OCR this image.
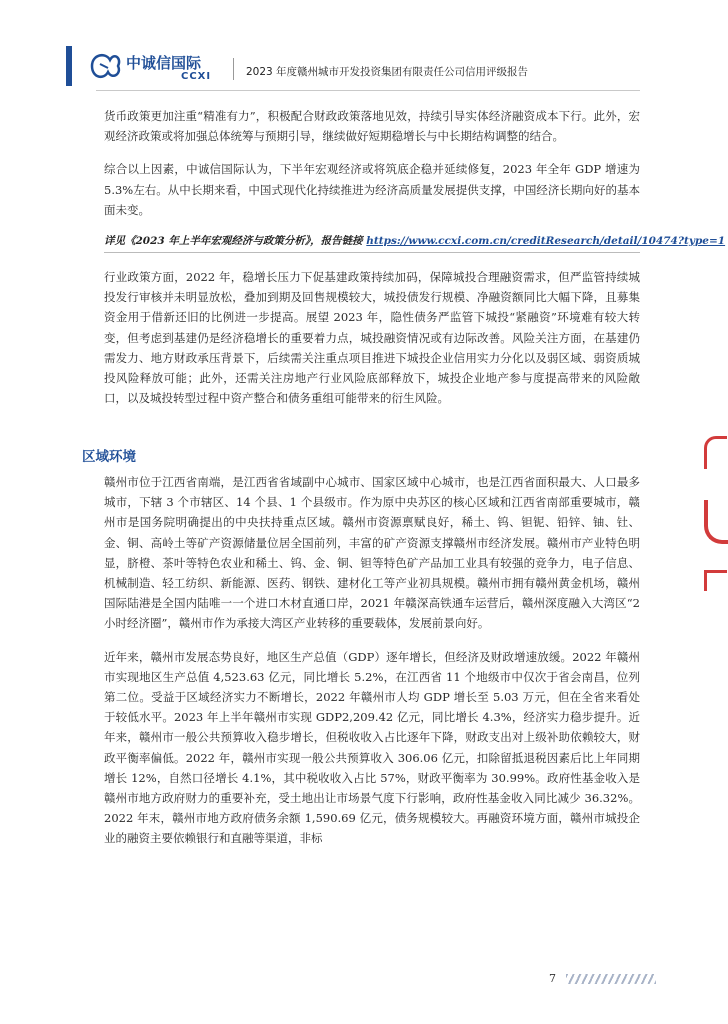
中诚信国际
CCXI	2023 年度赣州城市开发投资集团有限责任公司信用评级报告

货币政策更加注重“精准有力”，积极配合财政政策落地见效，持续引导实体经济融资成本下行。此外，宏观经济政策或将加强总体统筹与预期引导，继续做好短期稳增长与中长期结构调整的结合。

综合以上因素，中诚信国际认为，下半年宏观经济或将筑底企稳并延续修复，2023 年全年 GDP 增速为 5.3%左右。从中长期来看，中国式现代化持续推进为经济高质量发展提供支撑，中国经济长期向好的基本面未变。

详见《2023 年上半年宏观经济与政策分析》，报告链接 https://www.ccxi.com.cn/creditResearch/detail/10474?type=1

行业政策方面，2022 年，稳增长压力下促基建政策持续加码，保障城投合理融资需求，但严监管持续城投发行审核并未明显放松，叠加到期及回售规模较大，城投债发行规模、净融资额同比大幅下降，且募集资金用于借新还旧的比例进一步提高。展望 2023 年，隐性债务严监管下城投“紧融资”环境难有较大转变，但考虑到基建仍是经济稳增长的重要着力点，城投融资情况或有边际改善。风险关注方面，在基建仍需发力、地方财政承压背景下，后续需关注重点项目推进下城投企业信用实力分化以及弱区域、弱资质城投风险释放可能；此外，还需关注房地产行业风险底部释放下，城投企业地产参与度提高带来的风险敞口，以及城投转型过程中资产整合和债务重组可能带来的衍生风险。

区域环境

赣州市位于江西省南端，是江西省省域副中心城市、国家区域中心城市，也是江西省面积最大、人口最多城市，下辖 3 个市辖区、14 个县、1 个县级市。作为原中央苏区的核心区域和江西省南部重要城市，赣州市是国务院明确提出的中央扶持重点区域。赣州市资源禀赋良好，稀土、钨、钽铌、铅锌、铀、钍、金、铜、高岭土等矿产资源储量位居全国前列，丰富的矿产资源支撑赣州市经济发展。赣州市产业特色明显，脐橙、茶叶等特色农业和稀土、钨、金、铜、钽等特色矿产品加工业具有较强的竞争力，电子信息、机械制造、轻工纺织、新能源、医药、钢铁、建材化工等产业初具规模。赣州市拥有赣州黄金机场，赣州国际陆港是全国内陆唯一一个进口木材直通口岸，2021 年赣深高铁通车运营后，赣州深度融入大湾区“2 小时经济圈”，赣州市作为承接大湾区产业转移的重要载体，发展前景向好。

近年来，赣州市发展态势良好，地区生产总值（GDP）逐年增长，但经济及财政增速放缓。2022 年赣州市实现地区生产总值 4,523.63 亿元，同比增长 5.2%，在江西省 11 个地级市中仅次于省会南昌，位列第二位。受益于区域经济实力不断增长，2022 年赣州市人均 GDP 增长至 5.03 万元，但在全省来看处于较低水平。2023 年上半年赣州市实现 GDP2,209.42 亿元，同比增长 4.3%，经济实力稳步提升。近年来，赣州市一般公共预算收入稳步增长，但税收收入占比逐年下降，财政支出对上级补助依赖较大，财政平衡率偏低。2022 年，赣州市实现一般公共预算收入 306.06 亿元，扣除留抵退税因素后比上年同期增长 12%，自然口径增长 4.1%，其中税收收入占比 57%，财政平衡率为 30.99%。政府性基金收入是赣州市地方政府财力的重要补充，受土地出让市场景气度下行影响，政府性基金收入同比减少 36.32%。2022 年末，赣州市地方政府债务余额 1,590.69 亿元，债务规模较大。再融资环境方面，赣州市城投企业的融资主要依赖银行和直融等渠道，非标

7
